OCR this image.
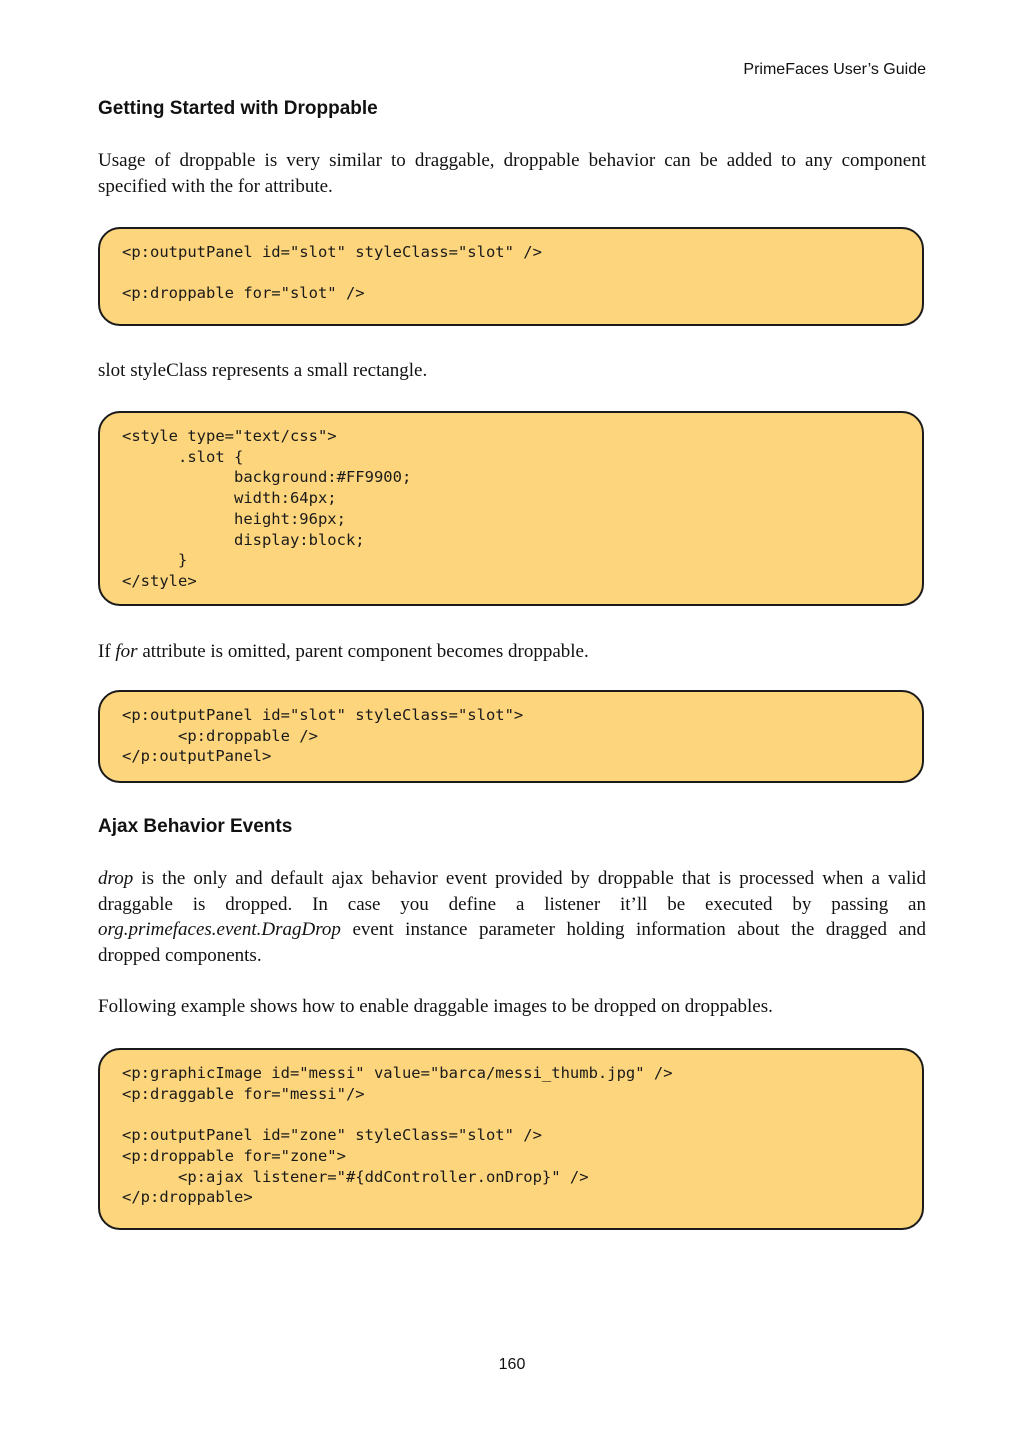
PrimeFaces User’s Guide
Getting Started with Droppable

Usage of droppable is very similar to draggable, droppable behavior can be added to any component specified with the for attribute.

<p:outputPanel id="slot" styleClass="slot" />

<p:droppable for="slot" />

slot styleClass represents a small rectangle.

<style type="text/css">
.slot {
background:#FF9900;
width:64px;
height:96px;
display:block;
}
</style>

If for attribute is omitted, parent component becomes droppable.

<p:outputPanel id="slot" styleClass="slot">
<p:droppable />
</p:outputPanel>
Ajax Behavior Events

drop is the only and default ajax behavior event provided by droppable that is processed when a valid draggable is dropped. In case you define a listener it’ll be executed by passing an org.primefaces.event.DragDrop event instance parameter holding information about the dragged and dropped components.

Following example shows how to enable draggable images to be dropped on droppables.

<p:graphicImage id="messi" value="barca/messi_thumb.jpg" />
<p:draggable for="messi"/>

<p:outputPanel id="zone" styleClass="slot" />
<p:droppable for="zone">
<p:ajax listener="#{ddController.onDrop}" />
</p:droppable>
160
